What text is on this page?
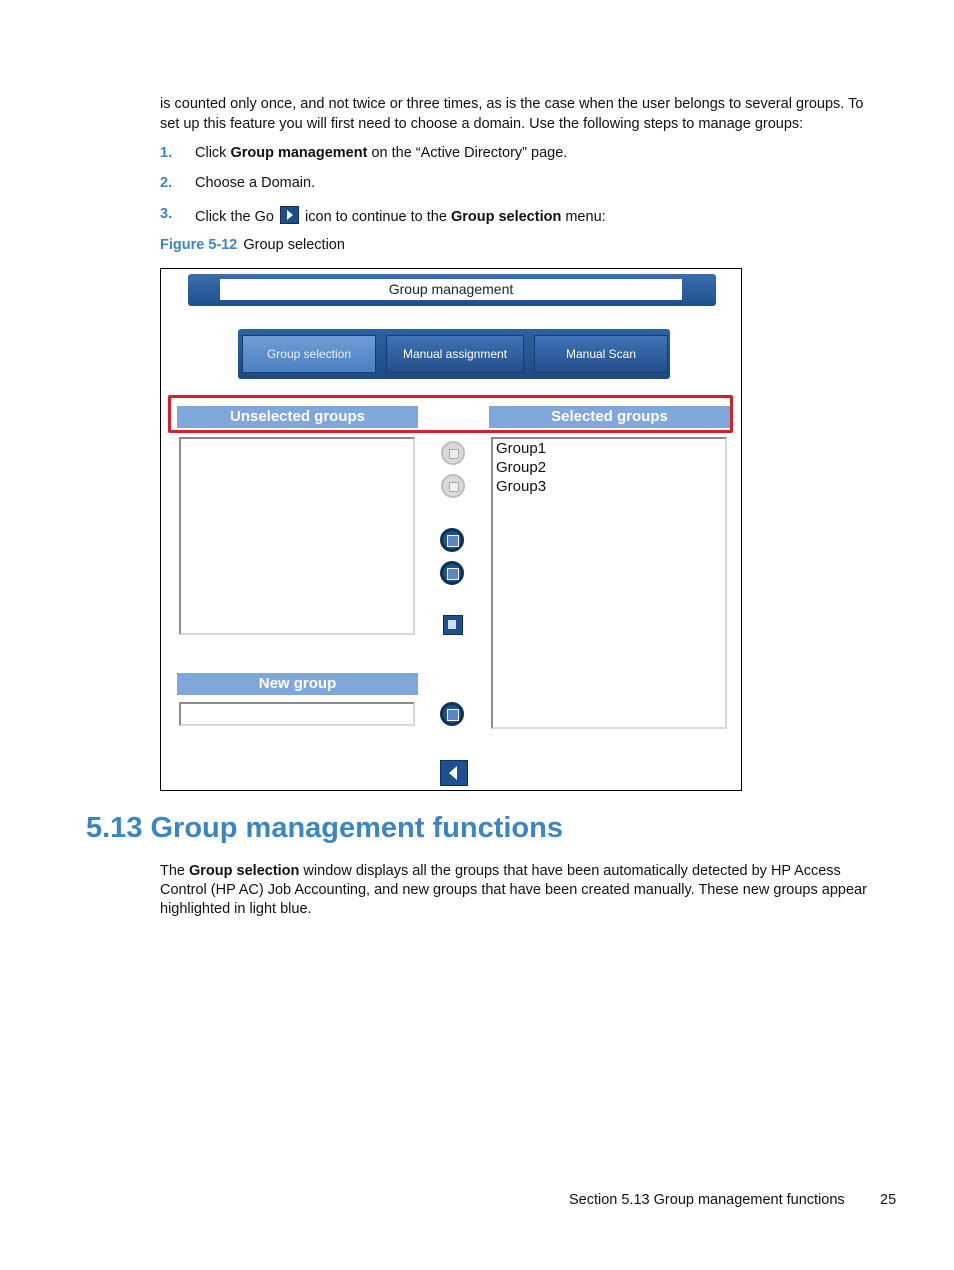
is counted only once, and not twice or three times, as is the case when the user belongs to several groups. To
set up this feature you will first need to choose a domain. Use the following steps to manage groups:
1. Click Group management on the “Active Directory” page.
2. Choose a Domain.
3. Click the Go  icon to continue to the Group selection menu:
Figure 5-12 Group selection
Group management
Group selection	Manual assignment	Manual Scan
Unselected groups	Selected groups
Group1
Group2
Group3
New group
5.13 Group management functions
The Group selection window displays all the groups that have been automatically detected by HP Access
Control (HP AC) Job Accounting, and new groups that have been created manually. These new groups appear
highlighted in light blue.
Section 5.13 Group management functions 25
